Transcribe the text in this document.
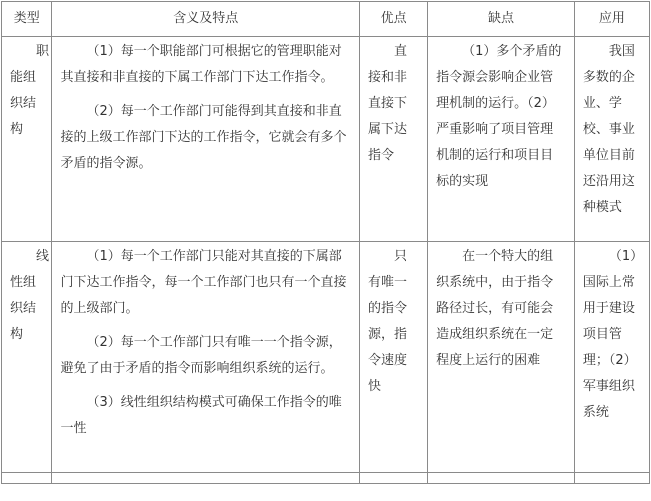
类型	含义及特点	优点	缺点	应用

职能组织结构	（1）每一个职能部门可根据它的管理职能对其直接和非直接的下属工作部门下达工作指令。
（2）每一个工作部门可能得到其直接和非直接的上级工作部门下达的工作指令，它就会有多个矛盾的指令源。	直接和非直接下属下达指令	（1）多个矛盾的指令源会影响企业管理机制的运行。（2）严重影响了项目管理机制的运行和项目目标的实现	我国多数的企业、学校、事业单位目前还沿用这种模式

线性组织结构	（1）每一个工作部门只能对其直接的下属部门下达工作指令，每一个工作部门也只有一个直接的上级部门。
（2）每一个工作部门只有唯一一个指令源，避免了由于矛盾的指令而影响组织系统的运行。
（3）线性组织结构模式可确保工作指令的唯一性	只有唯一的指令源，指令速度快	在一个特大的组织系统中，由于指令路径过长，有可能会造成组织系统在一定程度上运行的困难	（1）国际上常用于建设项目管理；（2）军事组织系统
